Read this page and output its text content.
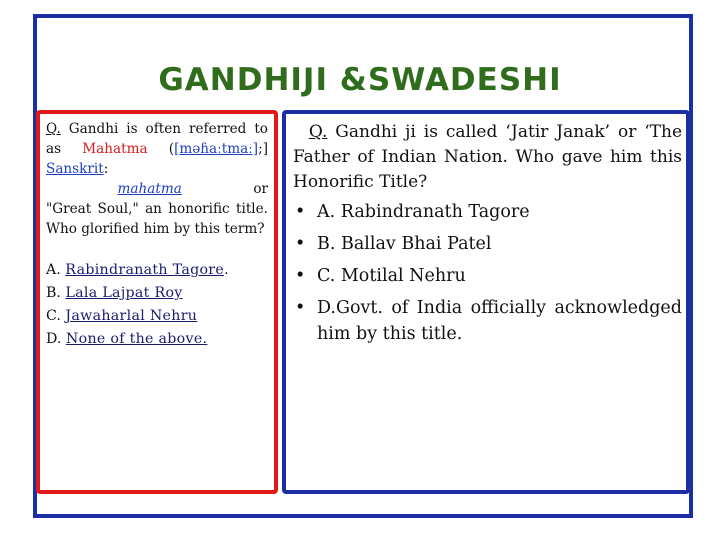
GANDHIJI &SWADESHI

Q. Gandhi is often referred to as Mahatma ([məɦaːtmaː];] Sanskrit:
mahatma	or
"Great Soul," an honorific title. Who glorified him by this term?

A. Rabindranath Tagore.
B. Lala Lajpat Roy
C. Jawaharlal Nehru
D. None of the above.

Q. Gandhi ji is called ‘Jatir Janak’ or ‘The Father of Indian Nation. Who gave him this Honorific Title?

• A. Rabindranath Tagore
• B. Ballav Bhai Patel
• C. Motilal Nehru
• D.Govt. of India officially acknowledged him by this title.
